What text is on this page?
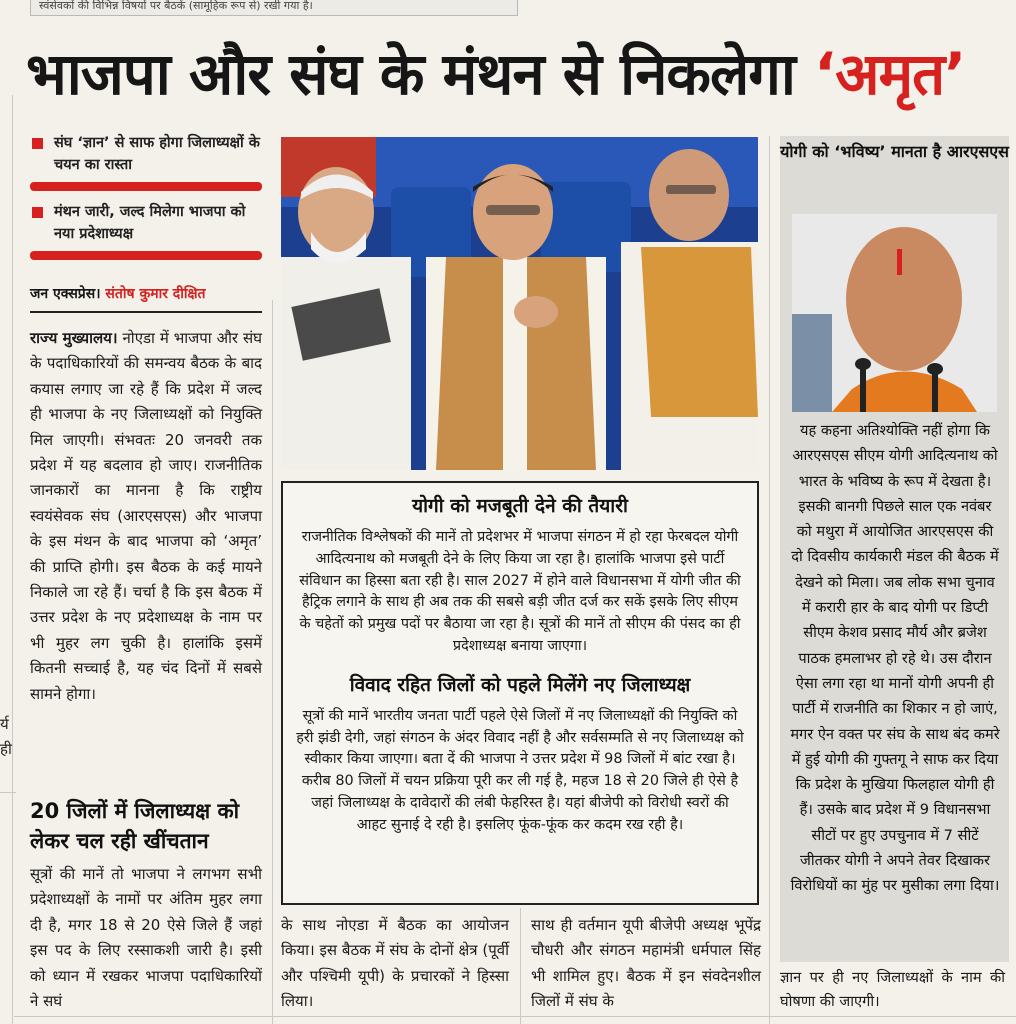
स्वंसेवकों की विभिन्न विषयों पर बैठकें (सामूहिक रूप से) रखी गया है।
र्य
ही
भाजपा और संघ के मंथन से निकलेगा ‘अमृत’
संघ ‘ज्ञान’ से साफ होगा जिलाध्यक्षों के चयन का रास्ता
मंथन जारी, जल्द मिलेगा भाजपा को नया प्रदेशाध्यक्ष
जन एक्सप्रेस। संतोष कुमार दीक्षित
राज्य मुख्यालय। नोएडा में भाजपा और संघ के पदाधिकारियों की समन्वय बैठक के बाद कयास लगाए जा रहे हैं कि प्रदेश में जल्द ही भाजपा के नए जिलाध्यक्षों को नियुक्ति मिल जाएगी। संभवतः 20 जनवरी तक प्रदेश में यह बदलाव हो जाए। राजनीतिक जानकारों का मानना है कि राष्ट्रीय स्वयंसेवक संघ (आरएसएस) और भाजपा के इस मंथन के बाद भाजपा को ‘अमृत’ की प्राप्ति होगी। इस बैठक के कई मायने निकाले जा रहे हैं। चर्चा है कि इस बैठक में उत्तर प्रदेश के नए प्रदेशाध्यक्ष के नाम पर भी मुहर लग चुकी है। हालांकि इसमें कितनी सच्चाई है, यह चंद दिनों में सबसे सामने होगा।
20 जिलों में जिलाध्यक्ष को लेकर चल रही खींचतान
सूत्रों की मानें तो भाजपा ने लगभग सभी प्रदेशाध्यक्षों के नामों पर अंतिम मुहर लगा दी है, मगर 18 से 20 ऐसे जिले हैं जहां इस पद के लिए रस्साकशी जारी है। इसी को ध्यान में रखकर भाजपा पदाधिकारियों ने सघं
योगी को ‘भविष्य’ मानता है आरएसएस
यह कहना अतिश्योक्ति नहीं होगा कि आरएसएस सीएम योगी आदित्यनाथ को भारत के भविष्य के रूप में देखता है। इसकी बानगी पिछले साल एक नवंबर को मथुरा में आयोजित आरएसएस की दो दिवसीय कार्यकारी मंडल की बैठक में देखने को मिला। जब लोक सभा चुनाव में करारी हार के बाद योगी पर डिप्टी सीएम केशव प्रसाद मौर्य और ब्रजेश पाठक हमलाभर हो रहे थे। उस दौरान ऐसा लगा रहा था मानों योगी अपनी ही पार्टी में राजनीति का शिकार न हो जाएं, मगर ऐन वक्त पर संघ के साथ बंद कमरे में हुई योगी की गुफ्तगू ने साफ कर दिया कि प्रदेश के मुखिया फिलहाल योगी ही हैं। उसके बाद प्रदेश में 9 विधानसभा सीटों पर हुए उपचुनाव में 7 सीटें जीतकर योगी ने अपने तेवर दिखाकर विरोधियों का मुंह पर मुसीका लगा दिया।
ज्ञान पर ही नए जिलाध्यक्षों के नाम की घोषणा की जाएगी।
योगी को मजबूती देने की तैयारी
राजनीतिक विश्लेषकों की मानें तो प्रदेशभर में भाजपा संगठन में हो रहा फेरबदल योगी आदित्यनाथ को मजबूती देने के लिए किया जा रहा है। हालांकि भाजपा इसे पार्टी संविधान का हिस्सा बता रही है। साल 2027 में होने वाले विधानसभा में योगी जीत की हैट्रिक लगाने के साथ ही अब तक की सबसे बड़ी जीत दर्ज कर सकें इसके लिए सीएम के चहेतों को प्रमुख पदों पर बैठाया जा रहा है। सूत्रों की मानें तो सीएम की पंसद का ही प्रदेशाध्यक्ष बनाया जाएगा।
विवाद रहित जिलों को पहले मिलेंगे नए जिलाध्यक्ष
सूत्रों की मानें भारतीय जनता पार्टी पहले ऐसे जिलों में नए जिलाध्यक्षों की नियुक्ति को हरी झंडी देगी, जहां संगठन के अंदर विवाद नहीं है और सर्वसम्मति से नए जिलाध्यक्ष को स्वीकार किया जाएगा। बता दें की भाजपा ने उत्तर प्रदेश में 98 जिलों में बांट रखा है। करीब 80 जिलों में चयन प्रक्रिया पूरी कर ली गई है, महज 18 से 20 जिले ही ऐसे है जहां जिलाध्यक्ष के दावेदारों की लंबी फेहरिस्त है। यहां बीजेपी को विरोधी स्वरों की आहट सुनाई दे रही है। इसलिए फूंक-फूंक कर कदम रख रही है।
के साथ नोएडा में बैठक का आयोजन किया। इस बैठक में संघ के दोनों क्षेत्र (पूर्वी और पश्चिमी यूपी) के प्रचारकों ने हिस्सा लिया।
साथ ही वर्तमान यूपी बीजेपी अध्यक्ष भूपेंद्र चौधरी और संगठन महामंत्री धर्मपाल सिंह भी शामिल हुए। बैठक में इन संवदेनशील जिलों में संघ के
